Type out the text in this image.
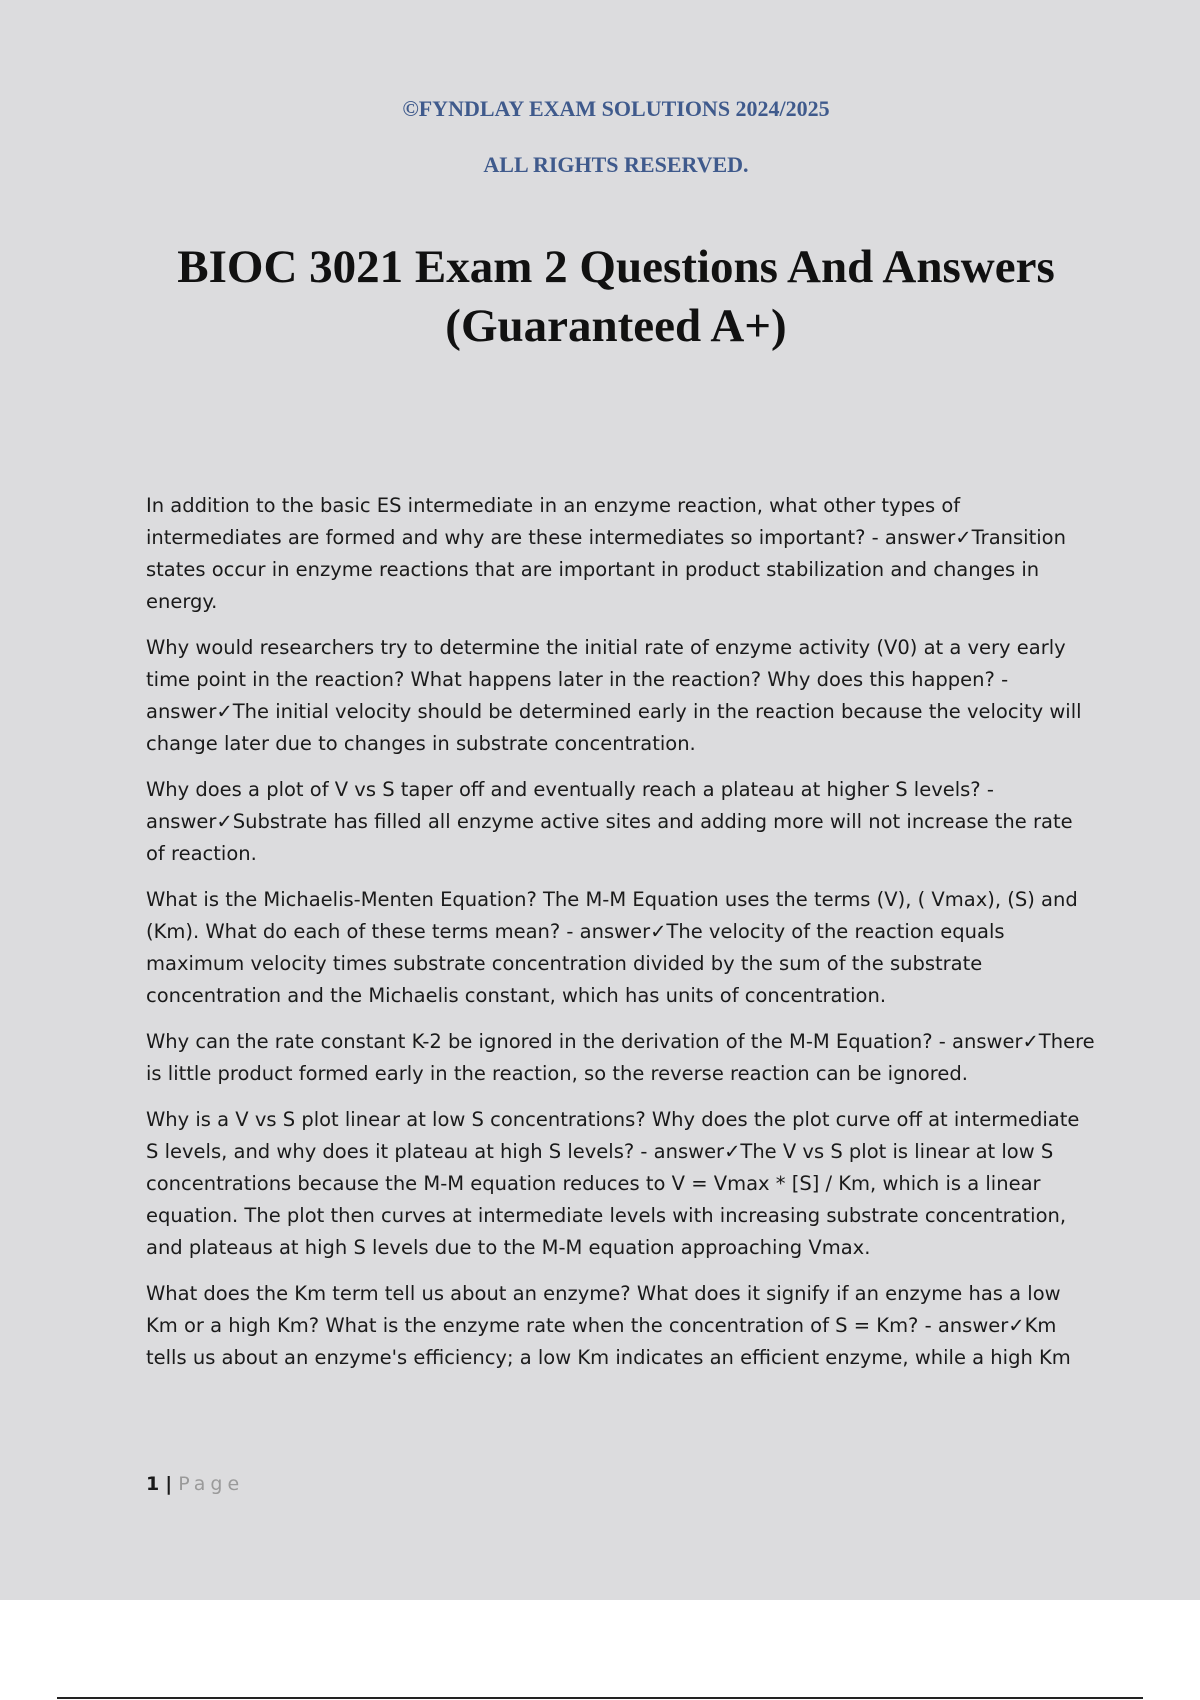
©FYNDLAY EXAM SOLUTIONS 2024/2025

ALL RIGHTS RESERVED.

BIOC 3021 Exam 2 Questions And Answers
(Guaranteed A+)

In addition to the basic ES intermediate in an enzyme reaction, what other types of intermediates are formed and why are these intermediates so important? - answer✓Transition states occur in enzyme reactions that are important in product stabilization and changes in energy.

Why would researchers try to determine the initial rate of enzyme activity (V0) at a very early time point in the reaction? What happens later in the reaction? Why does this happen? - answer✓The initial velocity should be determined early in the reaction because the velocity will change later due to changes in substrate concentration.

Why does a plot of V vs S taper off and eventually reach a plateau at higher S levels? - answer✓Substrate has filled all enzyme active sites and adding more will not increase the rate of reaction.

What is the Michaelis-Menten Equation? The M-M Equation uses the terms (V), ( Vmax), (S) and (Km). What do each of these terms mean? - answer✓The velocity of the reaction equals maximum velocity times substrate concentration divided by the sum of the substrate concentration and the Michaelis constant, which has units of concentration.

Why can the rate constant K-2 be ignored in the derivation of the M-M Equation? - answer✓There is little product formed early in the reaction, so the reverse reaction can be ignored.

Why is a V vs S plot linear at low S concentrations? Why does the plot curve off at intermediate S levels, and why does it plateau at high S levels? - answer✓The V vs S plot is linear at low S concentrations because the M-M equation reduces to V = Vmax * [S] / Km, which is a linear equation. The plot then curves at intermediate levels with increasing substrate concentration, and plateaus at high S levels due to the M-M equation approaching Vmax.

What does the Km term tell us about an enzyme? What does it signify if an enzyme has a low Km or a high Km? What is the enzyme rate when the concentration of S = Km? - answer✓Km tells us about an enzyme's efficiency; a low Km indicates an efficient enzyme, while a high Km

1 | Page
